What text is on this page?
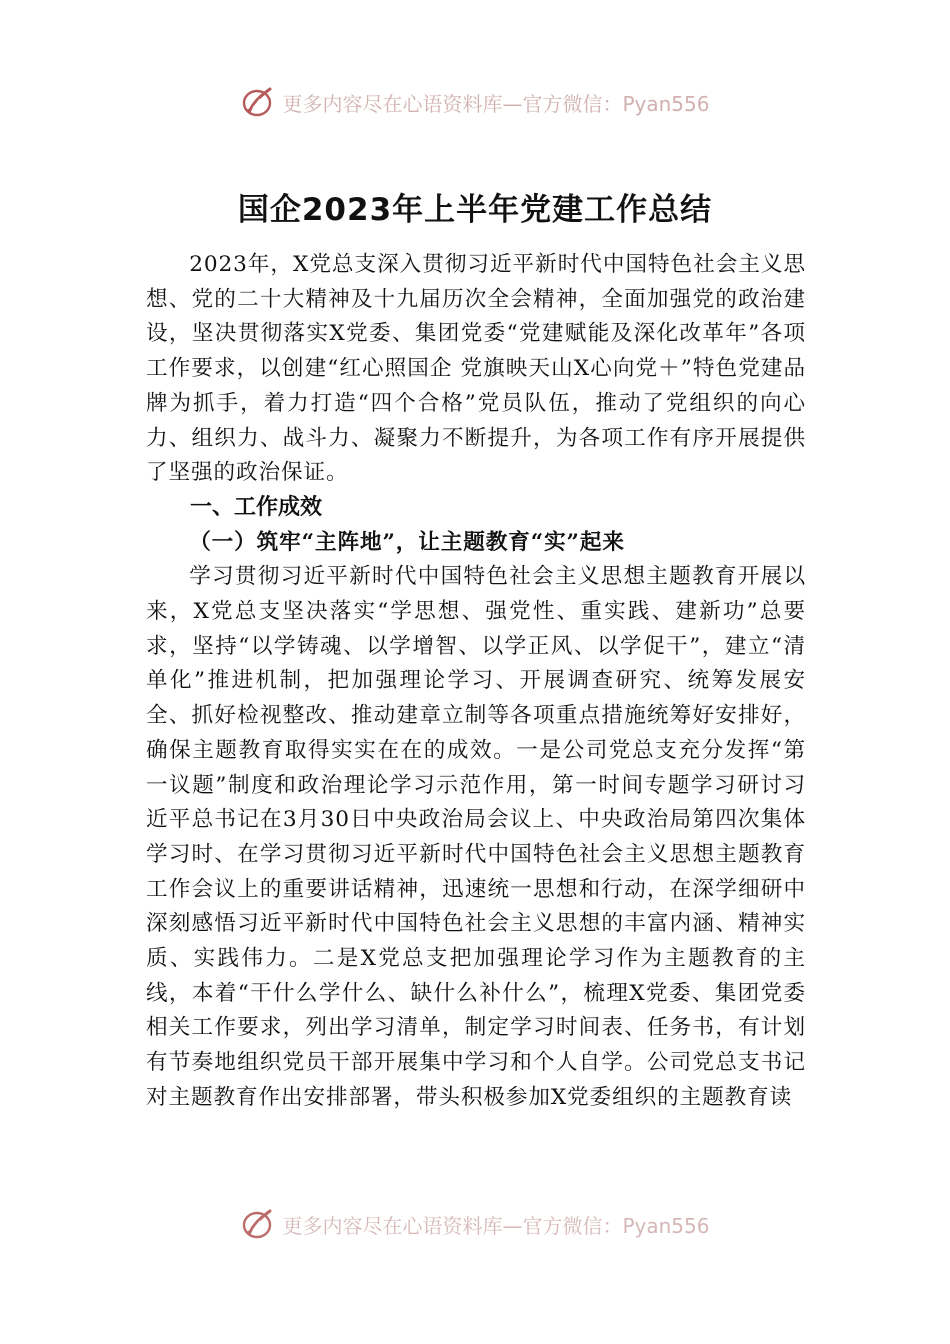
更多内容尽在心语资料库—官方微信：Pyan556
国企2023年上半年党建工作总结

2023年，X党总支深入贯彻习近平新时代中国特色社会主义思想、党的二十大精神及十九届历次全会精神，全面加强党的政治建设，坚决贯彻落实X党委、集团党委“党建赋能及深化改革年”各项工作要求，以创建“红心照国企 党旗映天山X心向党＋”特色党建品牌为抓手，着力打造“四个合格”党员队伍，推动了党组织的向心力、组织力、战斗力、凝聚力不断提升，为各项工作有序开展提供了坚强的政治保证。

一、工作成效

（一）筑牢“主阵地”，让主题教育“实”起来

学习贯彻习近平新时代中国特色社会主义思想主题教育开展以来，X党总支坚决落实“学思想、强党性、重实践、建新功”总要求，坚持“以学铸魂、以学增智、以学正风、以学促干”，建立“清单化”推进机制，把加强理论学习、开展调查研究、统筹发展安全、抓好检视整改、推动建章立制等各项重点措施统筹好安排好，确保主题教育取得实实在在的成效。一是公司党总支充分发挥“第一议题”制度和政治理论学习示范作用，第一时间专题学习研讨习近平总书记在3月30日中央政治局会议上、中央政治局第四次集体学习时、在学习贯彻习近平新时代中国特色社会主义思想主题教育工作会议上的重要讲话精神，迅速统一思想和行动，在深学细研中深刻感悟习近平新时代中国特色社会主义思想的丰富内涵、精神实质、实践伟力。二是X党总支把加强理论学习作为主题教育的主线，本着“干什么学什么、缺什么补什么”，梳理X党委、集团党委相关工作要求，列出学习清单，制定学习时间表、任务书，有计划有节奏地组织党员干部开展集中学习和个人自学。公司党总支书记对主题教育作出安排部署，带头积极参加X党委组织的主题教育读

更多内容尽在心语资料库—官方微信：Pyan556
